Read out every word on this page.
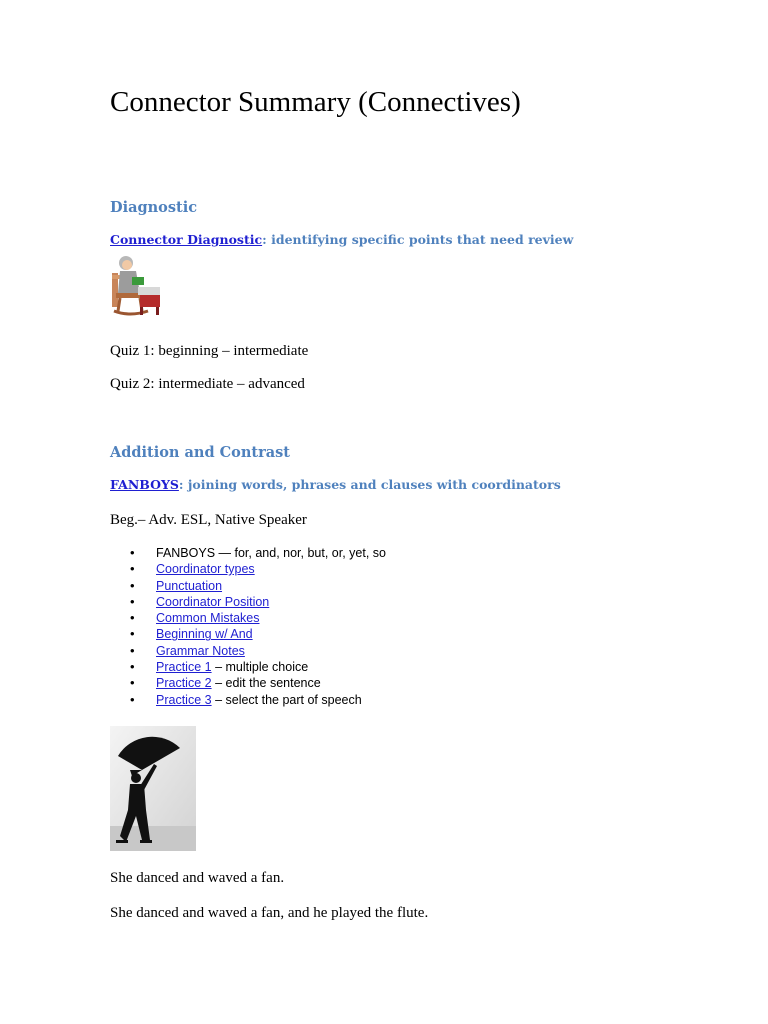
Connector Summary (Connectives)
Diagnostic
Connector Diagnostic: identifying specific points that need review

Quiz 1: beginning – intermediate

Quiz 2: intermediate – advanced

Addition and Contrast
FANBOYS: joining words, phrases and clauses with coordinators

Beg.– Adv. ESL, Native Speaker

• FANBOYS — for, and, nor, but, or, yet, so
• Coordinator types
• Punctuation
• Coordinator Position
• Common Mistakes
• Beginning w/ And
• Grammar Notes
• Practice 1 – multiple choice
• Practice 2 – edit the sentence
• Practice 3 – select the part of speech

She danced and waved a fan.

She danced and waved a fan, and he played the flute.
